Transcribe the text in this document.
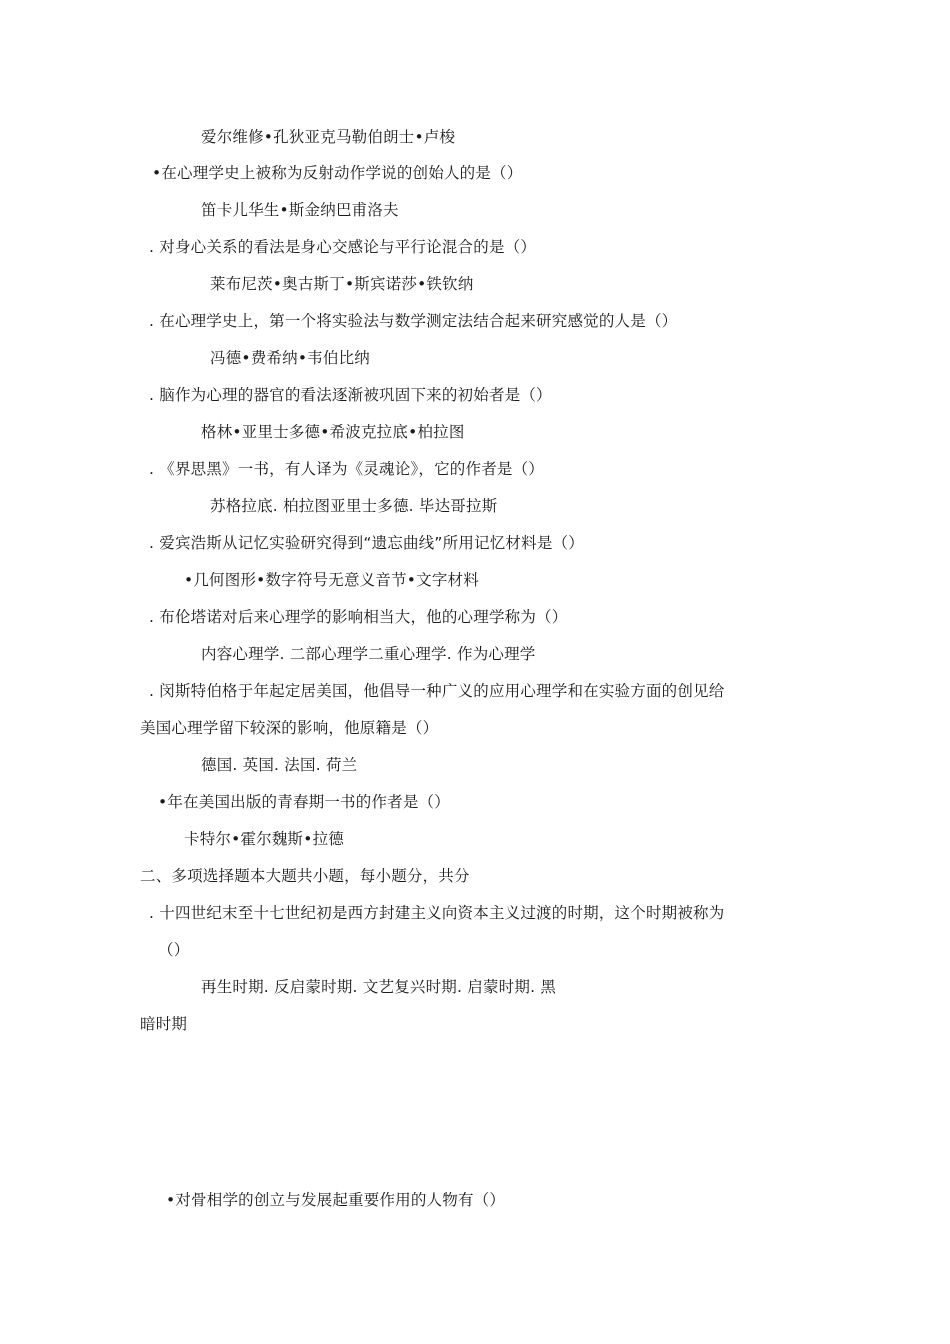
爱尔维修•孔狄亚克马勒伯朗士•卢梭
•在心理学史上被称为反射动作学说的创始人的是（）
笛卡儿华生•斯金纳巴甫洛夫
. 对身心关系的看法是身心交感论与平行论混合的是（）
莱布尼茨•奥古斯丁•斯宾诺莎•铁钦纳
. 在心理学史上，第一个将实验法与数学测定法结合起来研究感觉的人是（）
冯德•费希纳•韦伯比纳
. 脑作为心理的器官的看法逐渐被巩固下来的初始者是（）
格林•亚里士多德•希波克拉底•柏拉图
. 《界思黑》一书，有人译为《灵魂论》，它的作者是（）
苏格拉底. 柏拉图亚里士多德. 毕达哥拉斯
. 爱宾浩斯从记忆实验研究得到“遗忘曲线”所用记忆材料是（）
•几何图形•数字符号无意义音节•文字材料
. 布伦塔诺对后来心理学的影响相当大，他的心理学称为（）
内容心理学. 二部心理学二重心理学. 作为心理学
. 闵斯特伯格于年起定居美国，他倡导一种广义的应用心理学和在实验方面的创见给
美国心理学留下较深的影响，他原籍是（）
德国. 英国. 法国. 荷兰
•年在美国出版的青春期一书的作者是（）
卡特尔•霍尔魏斯•拉德
二、多项选择题本大题共小题，每小题分，共分
. 十四世纪末至十七世纪初是西方封建主义向资本主义过渡的时期，这个时期被称为
（）
再生时期. 反启蒙时期. 文艺复兴时期. 启蒙时期. 黑
暗时期
•对骨相学的创立与发展起重要作用的人物有（）
